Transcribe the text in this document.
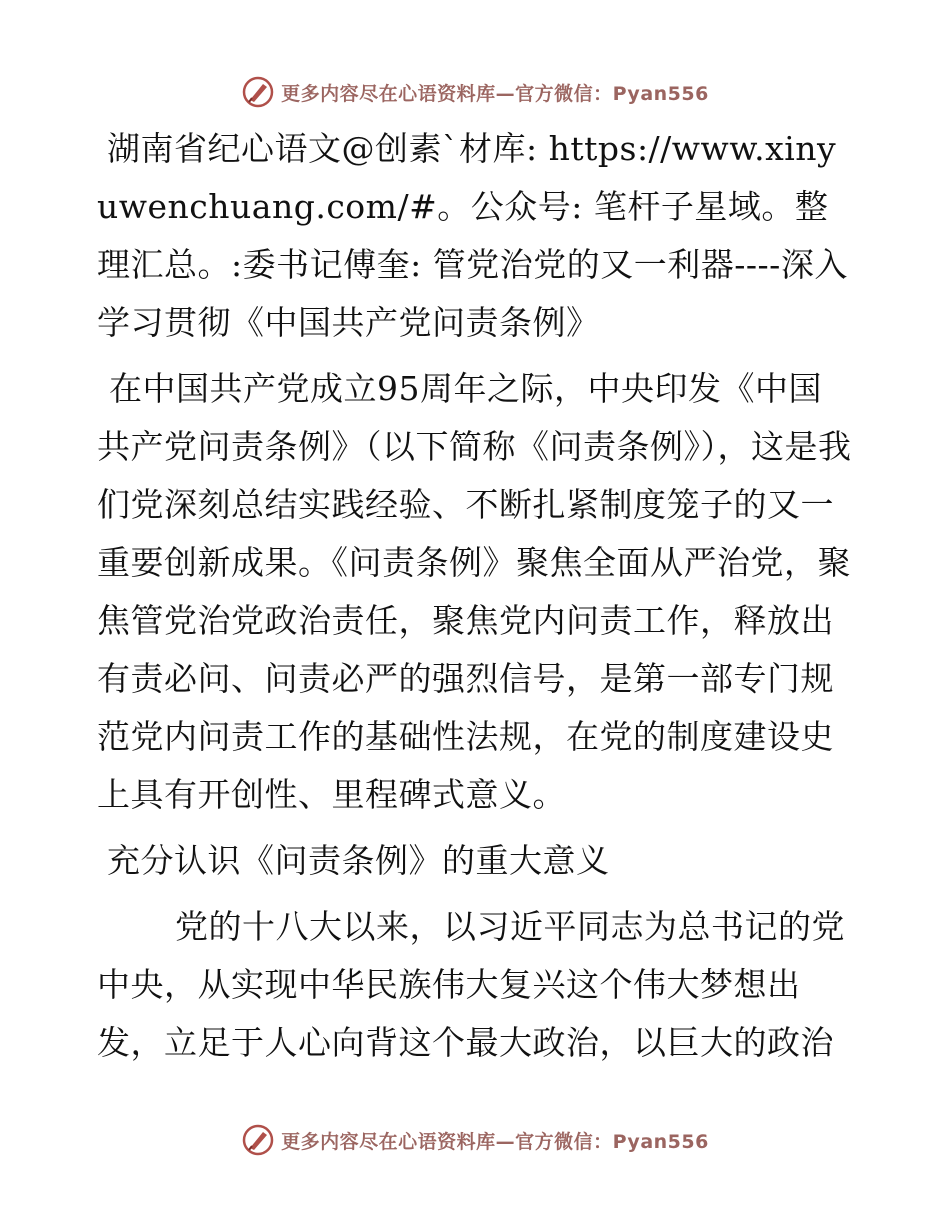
更多内容尽在心语资料库—官方微信：Pyan556

湖南省纪心语文@创素`材库: https://www.xinyuwenchuang.com/#。公众号: 笔杆子星域。整理汇总。:委书记傅奎: 管党治党的又一利器----深入学习贯彻《中国共产党问责条例》

在中国共产党成立95周年之际，中央印发《中国共产党问责条例》（以下简称《问责条例》），这是我们党深刻总结实践经验、不断扎紧制度笼子的又一重要创新成果。《问责条例》聚焦全面从严治党，聚焦管党治党政治责任，聚焦党内问责工作，释放出有责必问、问责必严的强烈信号，是第一部专门规范党内问责工作的基础性法规，在党的制度建设史上具有开创性、里程碑式意义。

充分认识《问责条例》的重大意义

党的十八大以来，以习近平同志为总书记的党中央，从实现中华民族伟大复兴这个伟大梦想出发，立足于人心向背这个最大政治，以巨大的政治

更多内容尽在心语资料库—官方微信：Pyan556
